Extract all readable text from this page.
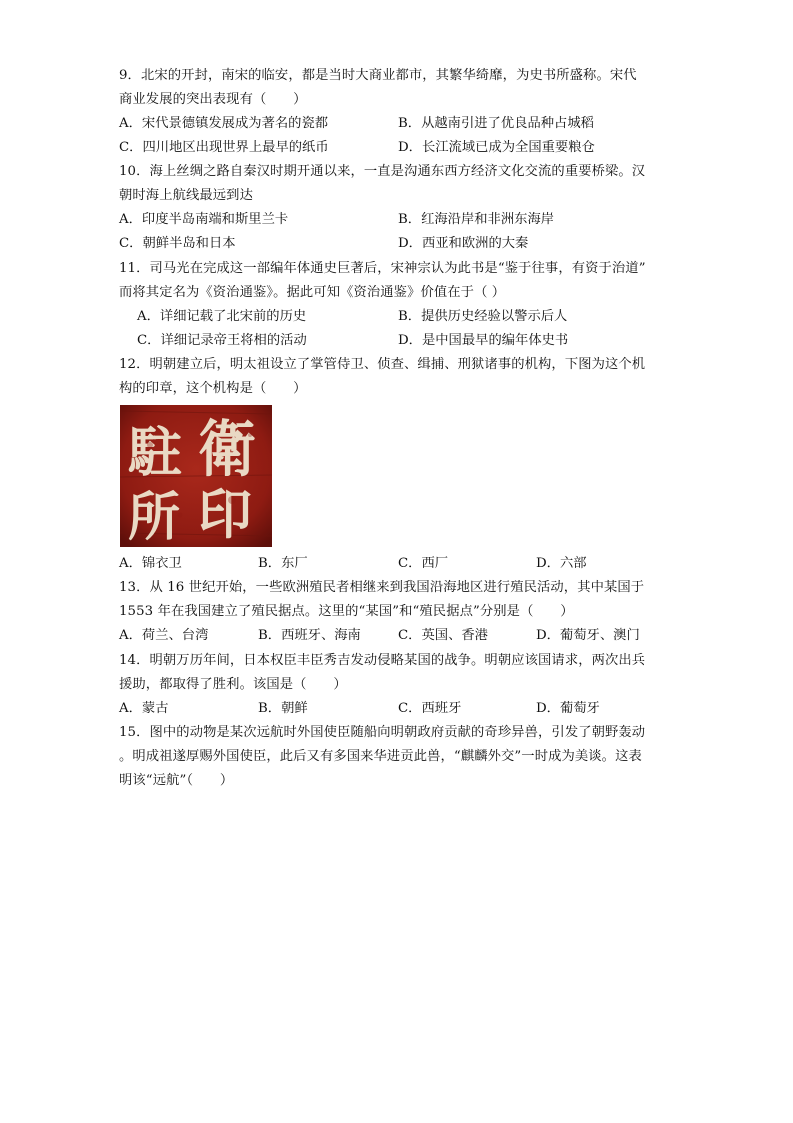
9．北宋的开封，南宋的临安，都是当时大商业都市，其繁华绮靡，为史书所盛称。宋代
商业发展的突出表现有（　　）
A．宋代景德镇发展成为著名的瓷都	B．从越南引进了优良品种占城稻
C．四川地区出现世界上最早的纸币	D．长江流域已成为全国重要粮仓
10．海上丝绸之路自秦汉时期开通以来，一直是沟通东西方经济文化交流的重要桥梁。汉
朝时海上航线最远到达
A．印度半岛南端和斯里兰卡	B．红海沿岸和非洲东海岸
C．朝鲜半岛和日本	D．西亚和欧洲的大秦
11．司马光在完成这一部编年体通史巨著后，宋神宗认为此书是“鉴于往事，有资于治道”
而将其定名为《资治通鉴》。据此可知《资治通鉴》价值在于（ ）
A．详细记载了北宋前的历史	B．提供历史经验以警示后人
C．详细记录帝王将相的活动	D．是中国最早的编年体史书
12．明朝建立后，明太祖设立了掌管侍卫、侦查、缉捕、刑狱诸事的机构，下图为这个机
构的印章，这个机构是（　　）
衛
駐
所 印
A．锦衣卫	B．东厂	C．西厂	D．六部
13．从 16 世纪开始，一些欧洲殖民者相继来到我国沿海地区进行殖民活动，其中某国于
1553 年在我国建立了殖民据点。这里的“某国”和“殖民据点”分别是（　　）
A．荷兰、台湾	B．西班牙、海南	C．英国、香港	D．葡萄牙、澳门
14．明朝万历年间，日本权臣丰臣秀吉发动侵略某国的战争。明朝应该国请求，两次出兵
援助，都取得了胜利。该国是（　　）
A．蒙古	B．朝鲜	C．西班牙	D．葡萄牙
15．图中的动物是某次远航时外国使臣随船向明朝政府贡献的奇珍异兽，引发了朝野轰动
。明成祖遂厚赐外国使臣，此后又有多国来华进贡此兽，“麒麟外交”一时成为美谈。这表
明该“远航”（　　）
